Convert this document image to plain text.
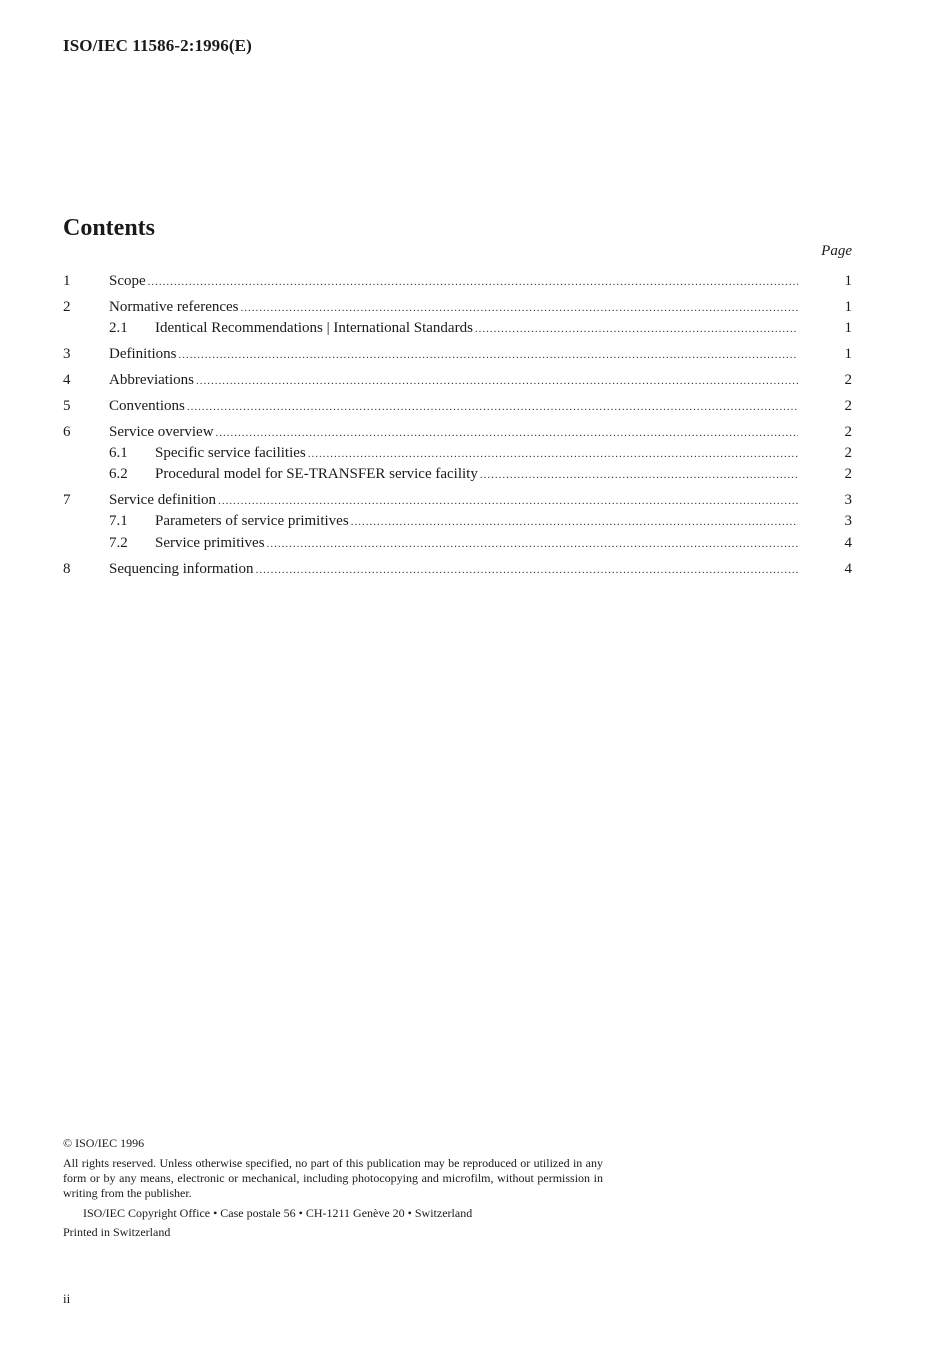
ISO/IEC 11586-2:1996(E)
Contents
Page
1	Scope .....	1
2	Normative references .....	1
2.1	Identical Recommendations | International Standards .....	1
3	Definitions .....	1
4	Abbreviations .....	2
5	Conventions .....	2
6	Service overview .....	2
6.1	Specific service facilities .....	2
6.2	Procedural model for SE-TRANSFER service facility .....	2
7	Service definition .....	3
7.1	Parameters of service primitives .....	3
7.2	Service primitives .....	4
8	Sequencing information .....	4
© ISO/IEC 1996
All rights reserved. Unless otherwise specified, no part of this publication may be reproduced or utilized in any form or by any means, electronic or mechanical, including photocopying and microfilm, without permission in writing from the publisher.
ISO/IEC Copyright Office • Case postale 56 • CH-1211 Genève 20 • Switzerland
Printed in Switzerland
ii
